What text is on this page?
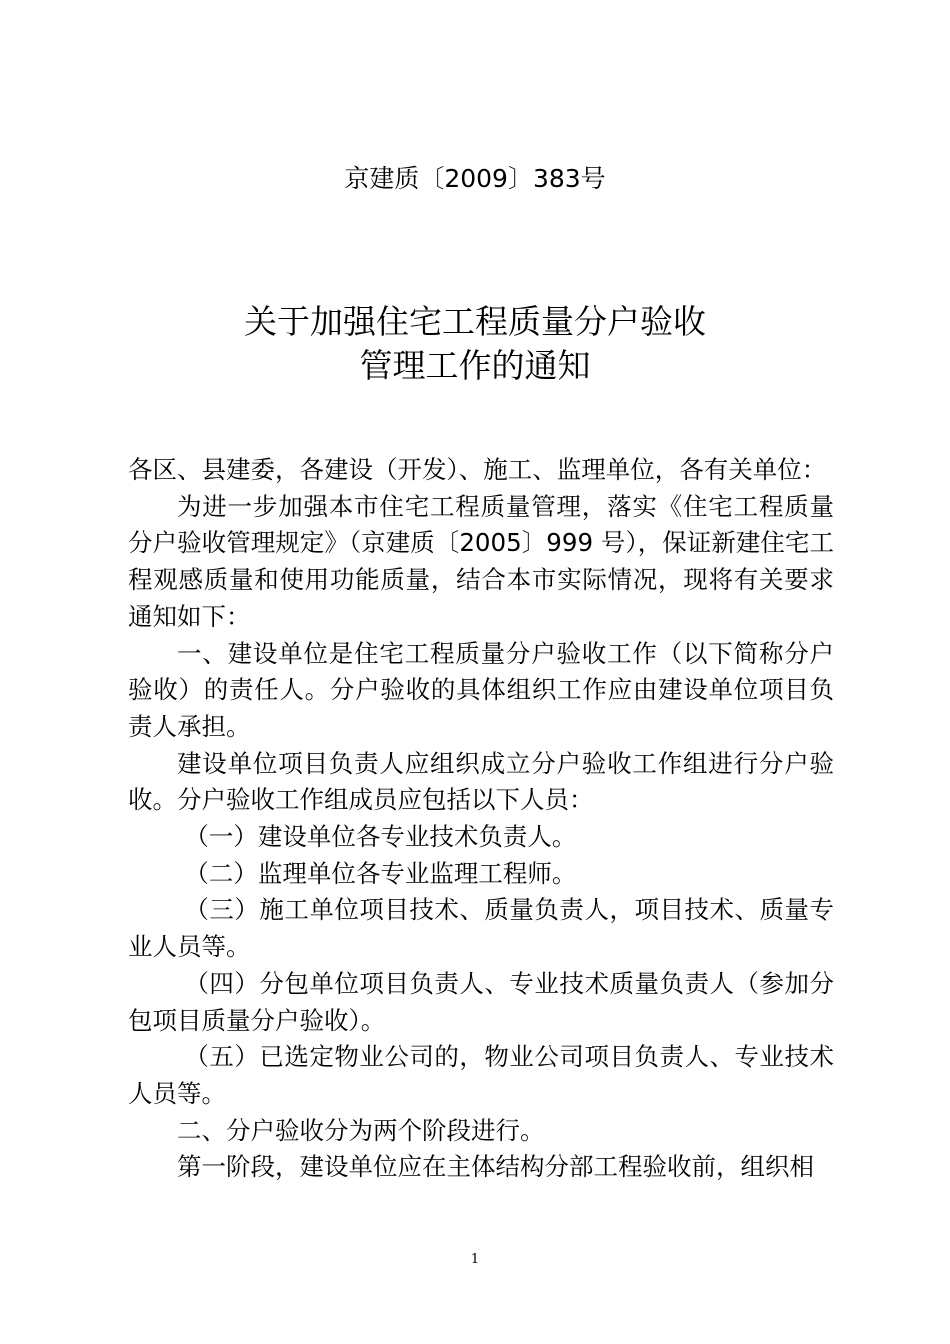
京建质〔2009〕383号
关于加强住宅工程质量分户验收
管理工作的通知

各区、县建委，各建设（开发）、施工、监理单位，各有关单位：

为进一步加强本市住宅工程质量管理，落实《住宅工程质量分户验收管理规定》（京建质〔2005〕999 号），保证新建住宅工程观感质量和使用功能质量，结合本市实际情况，现将有关要求通知如下：

一、建设单位是住宅工程质量分户验收工作（以下简称分户验收）的责任人。分户验收的具体组织工作应由建设单位项目负责人承担。

建设单位项目负责人应组织成立分户验收工作组进行分户验收。分户验收工作组成员应包括以下人员：

（一）建设单位各专业技术负责人。

（二）监理单位各专业监理工程师。

（三）施工单位项目技术、质量负责人，项目技术、质量专业人员等。

（四）分包单位项目负责人、专业技术质量负责人（参加分包项目质量分户验收）。

（五）已选定物业公司的，物业公司项目负责人、专业技术人员等。

二、分户验收分为两个阶段进行。

第一阶段，建设单位应在主体结构分部工程验收前，组织相

1
